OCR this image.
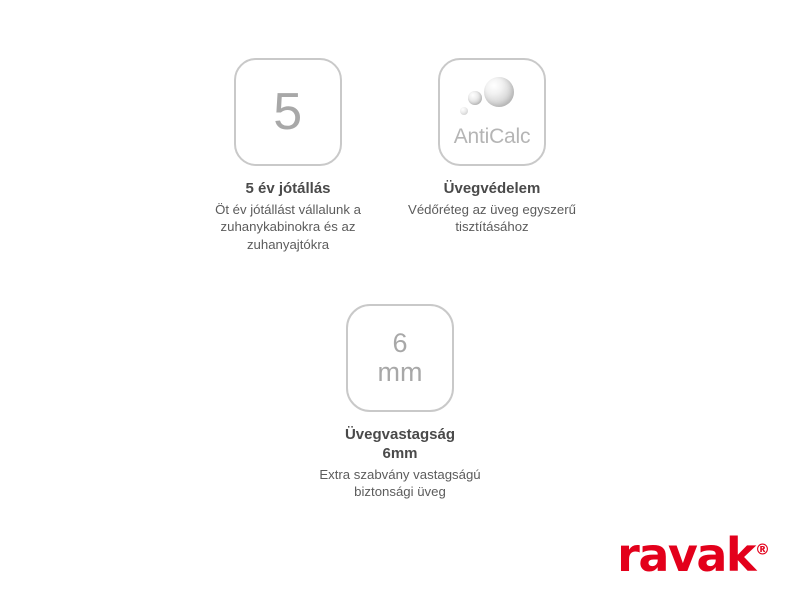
5
5 év jótállás
Öt év jótállást vállalunk a zuhanykabinokra és az zuhanyajtókra
AntiCalc
Üvegvédelem
Védőréteg az üveg egyszerű tisztításához
6
mm
Üvegvastagság
6mm
Extra szabvány vastagságú biztonsági üveg
ravak®
